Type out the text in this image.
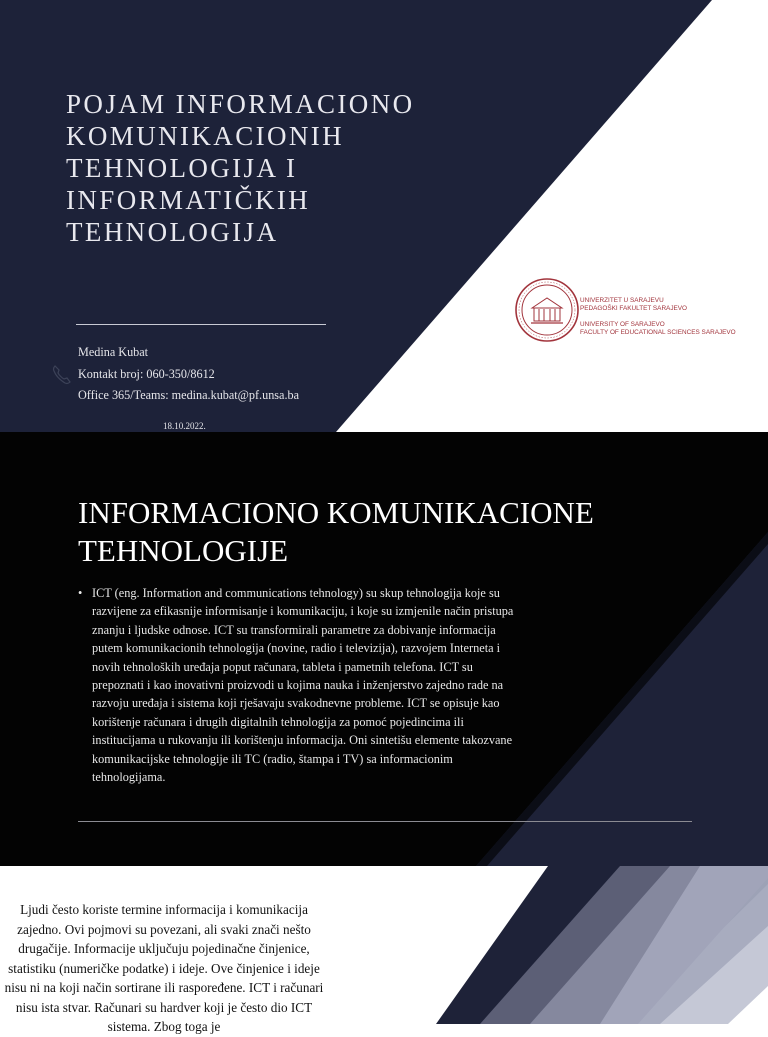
POJAM INFORMACIONO KOMUNIKACIONIH TEHNOLOGIJA I INFORMATIČKIH TEHNOLOGIJA
Medina Kubat
Kontakt broj: 060-350/8612
Office 365/Teams: medina.kubat@pf.unsa.ba
18.10.2022.
UNIVERZITET U SARAJEVU
PEDAGOŠKI FAKULTET SARAJEVO
UNIVERSITY OF SARAJEVO
FACULTY OF EDUCATIONAL SCIENCES SARAJEVO
INFORMACIONO KOMUNIKACIONE TEHNOLOGIJE
• ICT (eng. Information and communications tehnology) su skup tehnologija koje su razvijene za efikasnije informisanje i komunikaciju, i koje su izmjenile način pristupa znanju i ljudske odnose. ICT su transformirali parametre za dobivanje informacija putem komunikacionih tehnologija (novine, radio i televizija), razvojem Interneta i novih tehnoloških uređaja poput računara, tableta i pametnih telefona. ICT su prepoznati i kao inovativni proizvodi u kojima nauka i inženjerstvo zajedno rade na razvoju uređaja i sistema koji rješavaju svakodnevne probleme. ICT se opisuje kao korištenje računara i drugih digitalnih tehnologija za pomoć pojedincima ili institucijama u rukovanju ili korištenju informacija. Oni sintetišu elemente takozvane komunikacijske tehnologije ili TC (radio, štampa i TV) sa informacionim tehnologijama.
Ljudi često koriste termine informacija i komunikacija zajedno. Ovi pojmovi su povezani, ali svaki znači nešto drugačije. Informacije uključuju pojedinačne činjenice, statistiku (numeričke podatke) i ideje. Ove činjenice i ideje nisu ni na koji način sortirane ili raspoređene. ICT i računari nisu ista stvar. Računari su hardver koji je često dio ICT sistema. Zbog toga je
